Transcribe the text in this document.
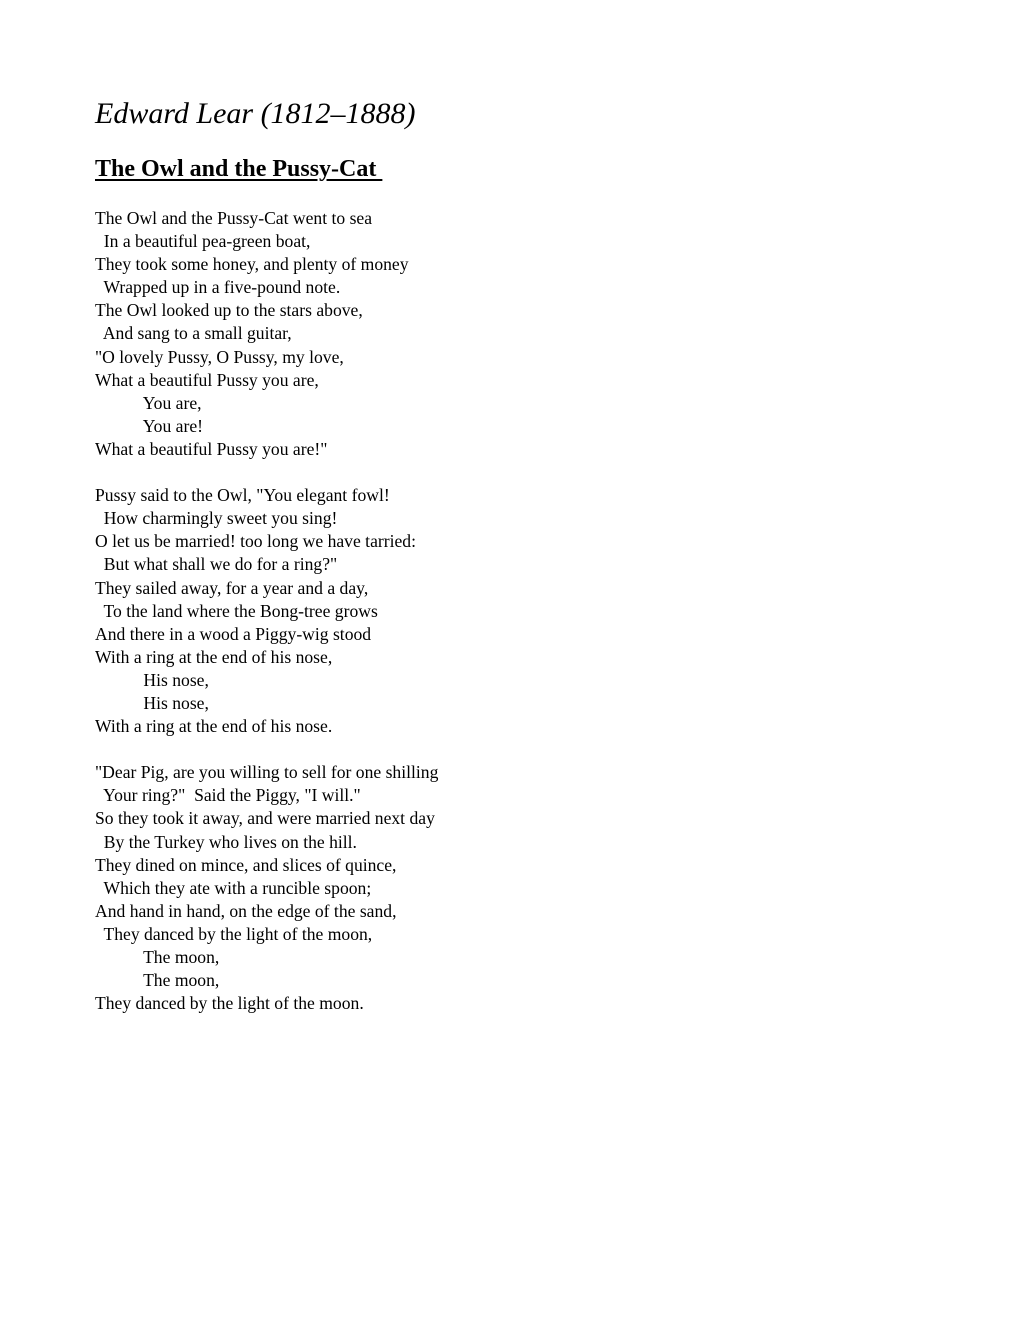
Edward Lear (1812–1888)
The Owl and the Pussy-Cat

The Owl and the Pussy-Cat went to sea
In a beautiful pea-green boat,
They took some honey, and plenty of money
Wrapped up in a five-pound note.
The Owl looked up to the stars above,
And sang to a small guitar,
"O lovely Pussy, O Pussy, my love,
What a beautiful Pussy you are,
You are,
You are!
What a beautiful Pussy you are!"

Pussy said to the Owl, "You elegant fowl!
How charmingly sweet you sing!
O let us be married! too long we have tarried:
But what shall we do for a ring?"
They sailed away, for a year and a day,
To the land where the Bong-tree grows
And there in a wood a Piggy-wig stood
With a ring at the end of his nose,
His nose,
His nose,
With a ring at the end of his nose.

"Dear Pig, are you willing to sell for one shilling
Your ring?"  Said the Piggy, "I will."
So they took it away, and were married next day
By the Turkey who lives on the hill.
They dined on mince, and slices of quince,
Which they ate with a runcible spoon;
And hand in hand, on the edge of the sand,
They danced by the light of the moon,
The moon,
The moon,
They danced by the light of the moon.
